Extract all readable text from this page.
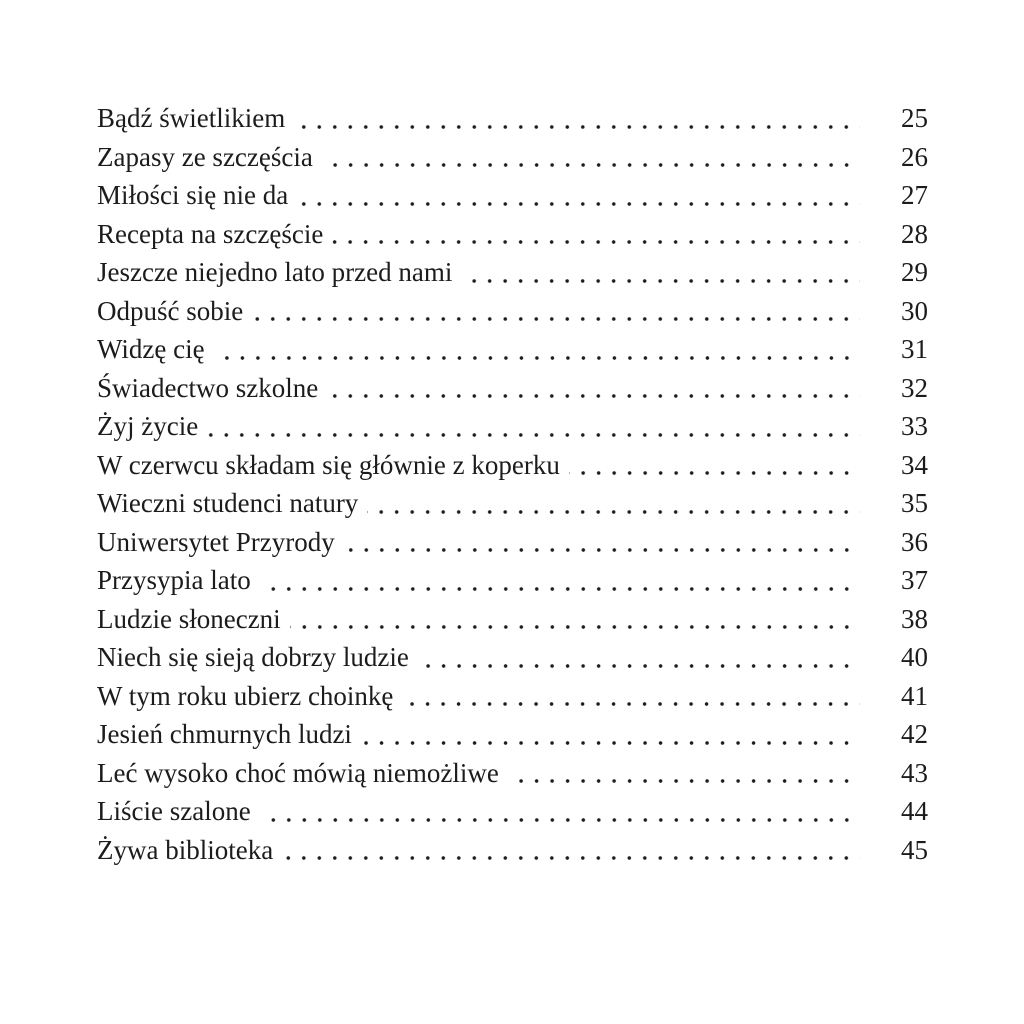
Bądź świetlikiem	25
Zapasy ze szczęścia	26
Miłości się nie da	27
Recepta na szczęście	28
Jeszcze niejedno lato przed nami	29
Odpuść sobie	30
Widzę cię	31
Świadectwo szkolne	32
Żyj życie	33
W czerwcu składam się głównie z koperku	34
Wieczni studenci natury	35
Uniwersytet Przyrody	36
Przysypia lato	37
Ludzie słoneczni	38
Niech się sieją dobrzy ludzie	40
W tym roku ubierz choinkę	41
Jesień chmurnych ludzi	42
Leć wysoko choć mówią niemożliwe	43
Liście szalone	44
Żywa biblioteka	45
